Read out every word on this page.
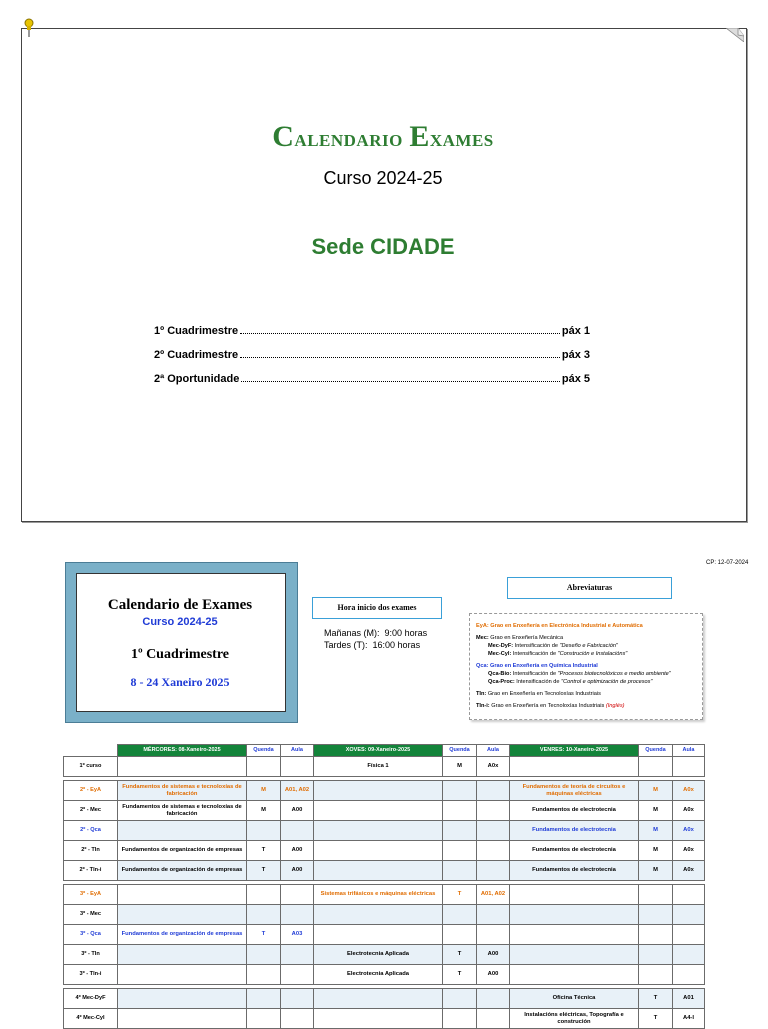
Calendario Exames
Curso 2024-25
Sede CIDADE
1º Cuadrimestre	páx 1
2º Cuadrimestre	páx 3
2ª Oportunidade	páx 5
CP: 12-07-2024
Calendario de Exames
Curso 2024-25
1º Cuadrimestre
8 - 24 Xaneiro 2025
Hora inicio dos exames
Mañanas (M): 9:00 horas
Tardes (T): 16:00 horas
Abreviaturas
EyA: Grao en Enxeñería en Electrónica Industrial e Automática
Mec: Grao en Enxeñería Mecánica
Mec-DyF: Intensificación de "Deseño e Fabricación"
Mec-CyI: Intensificación de "Construción e Instalacións"
Qca: Grao en Enxeñería en Química Industrial
Qca-Bio: Intensificación de "Procesos biotecnolóxicos e medio ambiente"
Qca-Proc: Intensificación de "Control e optimización de procesos"
TIn: Grao en Enxeñería en Tecnoloxías Industriais
TIn-i: Grao en Enxeñería en Tecnoloxías Industriais (Inglés)
	MÉRCORES: 08-Xaneiro-2025	Quenda	Aula	XOVES: 09-Xaneiro-2025	Quenda	Aula	VENRES: 10-Xaneiro-2025	Quenda	Aula
1º curso				Física 1	M	A0x			

2º - EyA	Fundamentos de sistemas e tecnoloxías de fabricación	M	A01, A02				Fundamentos de teoría de circuítos e máquinas eléctricas	M	A0x
2º - Mec	Fundamentos de sistemas e tecnoloxías de fabricación	M	A00				Fundamentos de electrotecnia	M	A0x
2º - Qca							Fundamentos de electrotecnia	M	A0x
2º - TIn	Fundamentos de organización de empresas	T	A00				Fundamentos de electrotecnia	M	A0x
2º - TIn-i	Fundamentos de organización de empresas	T	A00				Fundamentos de electrotecnia	M	A0x

3º - EyA				Sistemas trifásicos e máquinas eléctricas	T	A01, A02			
3º - Mec									
3º - Qca	Fundamentos de organización de empresas	T	A03						
3º - TIn				Electrotecnia Aplicada	T	A00			
3º - TIn-i				Electrotecnia Aplicada	T	A00			

4º Mec-DyF							Oficina Técnica	T	A01
4º Mec-CyI							Instalacións eléctricas, Topografía e construción	T	A4-I
